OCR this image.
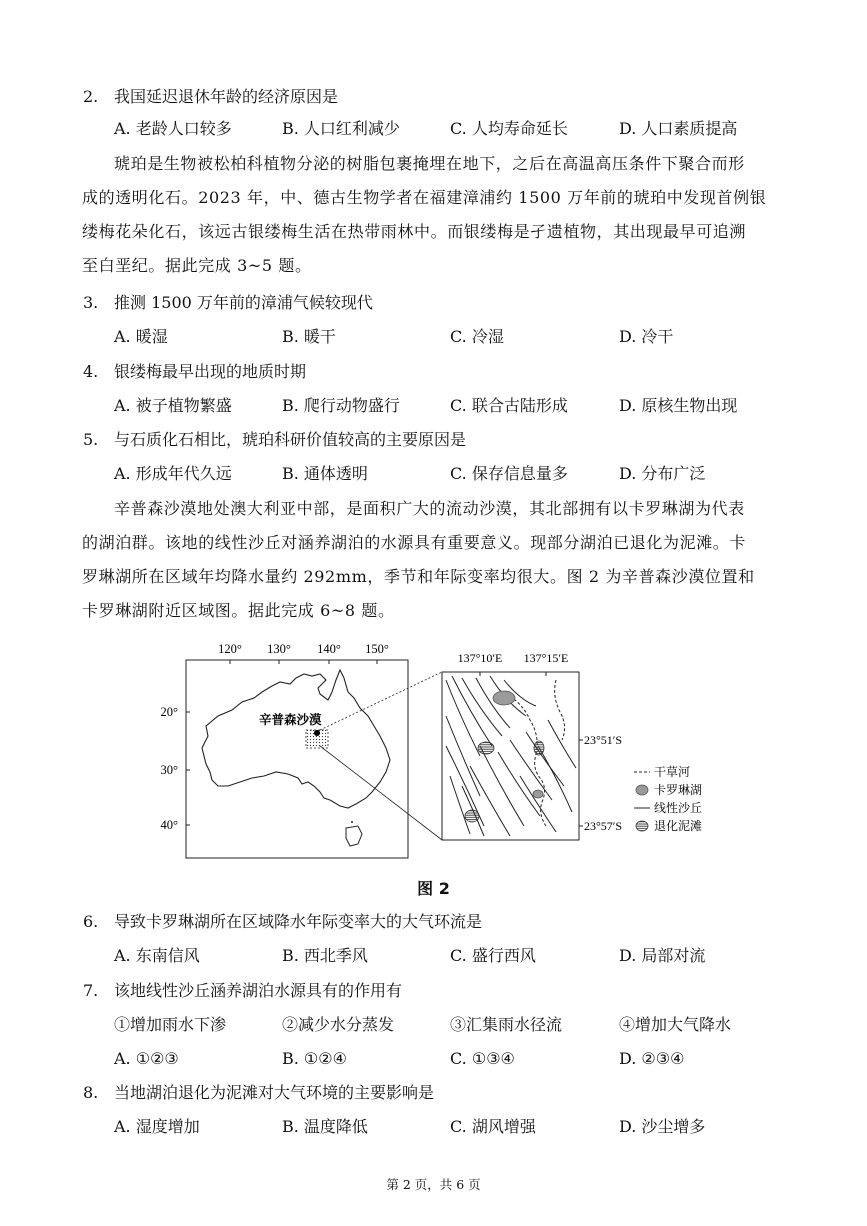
2. 我国延迟退休年龄的经济原因是
A. 老龄人口较多	B. 人口红利减少	C. 人均寿命延长	D. 人口素质提高
琥珀是生物被松柏科植物分泌的树脂包裹掩埋在地下，之后在高温高压条件下聚合而形
成的透明化石。2023 年，中、德古生物学者在福建漳浦约 1500 万年前的琥珀中发现首例银
缕梅花朵化石，该远古银缕梅生活在热带雨林中。而银缕梅是孑遗植物，其出现最早可追溯
至白垩纪。据此完成 3~5 题。
3. 推测 1500 万年前的漳浦气候较现代
A. 暖湿	B. 暖干	C. 冷湿	D. 冷干
4. 银缕梅最早出现的地质时期
A. 被子植物繁盛	B. 爬行动物盛行	C. 联合古陆形成	D. 原核生物出现
5. 与石质化石相比，琥珀科研价值较高的主要原因是
A. 形成年代久远	B. 通体透明	C. 保存信息量多	D. 分布广泛
辛普森沙漠地处澳大利亚中部，是面积广大的流动沙漠，其北部拥有以卡罗琳湖为代表
的湖泊群。该地的线性沙丘对涵养湖泊的水源具有重要意义。现部分湖泊已退化为泥滩。卡
罗琳湖所在区域年均降水量约 292mm，季节和年际变率均很大。图 2 为辛普森沙漠位置和
卡罗琳湖附近区域图。据此完成 6~8 题。
120° 130° 140° 150°
20°
30°
40°
辛普森沙漠
137°10′E 137°15′E
23°51′S
23°57′S
干草河
卡罗琳湖
线性沙丘
退化泥滩
图 2
6. 导致卡罗琳湖所在区域降水年际变率大的大气环流是
A. 东南信风	B. 西北季风	C. 盛行西风	D. 局部对流
7. 该地线性沙丘涵养湖泊水源具有的作用有
①增加雨水下渗	②减少水分蒸发	③汇集雨水径流	④增加大气降水
A. ①②③	B. ①②④	C. ①③④	D. ②③④
8. 当地湖泊退化为泥滩对大气环境的主要影响是
A. 湿度增加	B. 温度降低	C. 湖风增强	D. 沙尘增多
第 2 页，共 6 页
